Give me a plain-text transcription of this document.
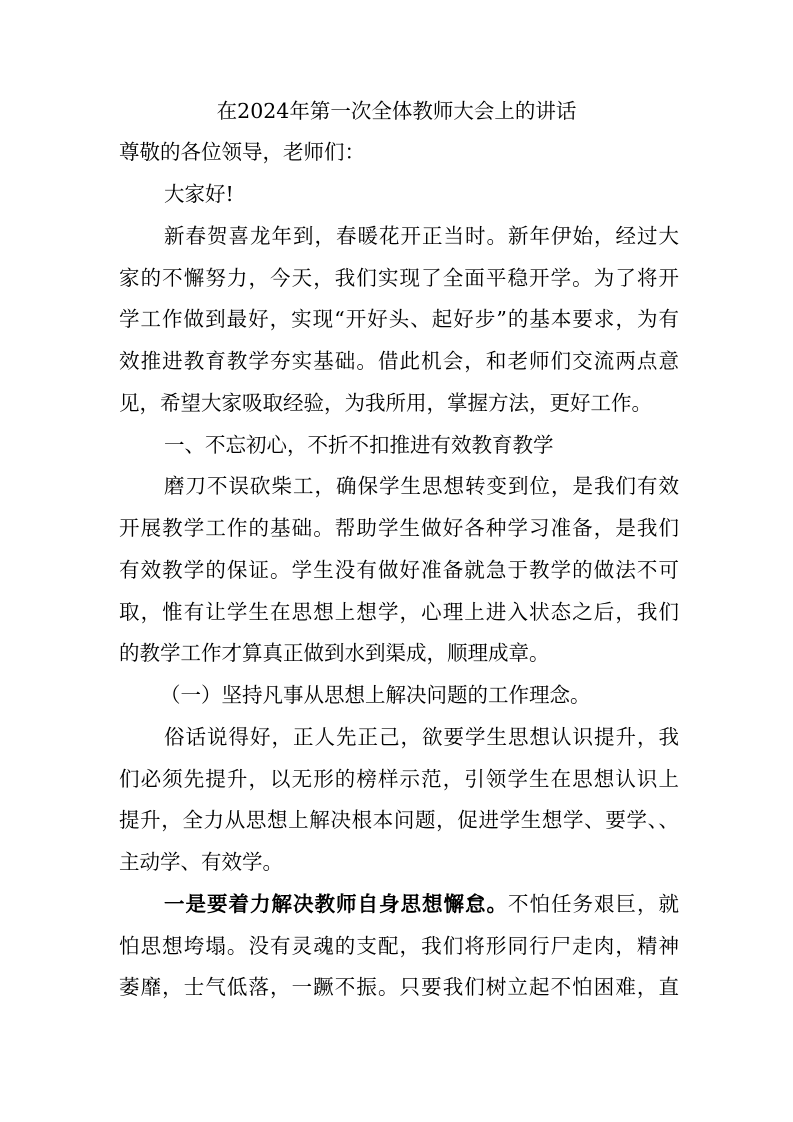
在2024年第一次全体教师大会上的讲话
尊敬的各位领导，老师们：
大家好!
新春贺喜龙年到，春暖花开正当时。新年伊始，经过大
家的不懈努力，今天，我们实现了全面平稳开学。为了将开
学工作做到最好，实现“开好头、起好步”的基本要求，为有
效推进教育教学夯实基础。借此机会，和老师们交流两点意
见，希望大家吸取经验，为我所用，掌握方法，更好工作。
一、不忘初心，不折不扣推进有效教育教学
磨刀不误砍柴工，确保学生思想转变到位，是我们有效
开展教学工作的基础。帮助学生做好各种学习准备，是我们
有效教学的保证。学生没有做好准备就急于教学的做法不可
取，惟有让学生在思想上想学，心理上进入状态之后，我们
的教学工作才算真正做到水到渠成，顺理成章。
（一）坚持凡事从思想上解决问题的工作理念。
俗话说得好，正人先正己，欲要学生思想认识提升，我
们必须先提升，以无形的榜样示范，引领学生在思想认识上
提升，全力从思想上解决根本问题，促进学生想学、要学、、
主动学、有效学。
一是要着力解决教师自身思想懈怠。不怕任务艰巨，就
怕思想垮塌。没有灵魂的支配，我们将形同行尸走肉，精神
萎靡，士气低落，一蹶不振。只要我们树立起不怕困难，直
